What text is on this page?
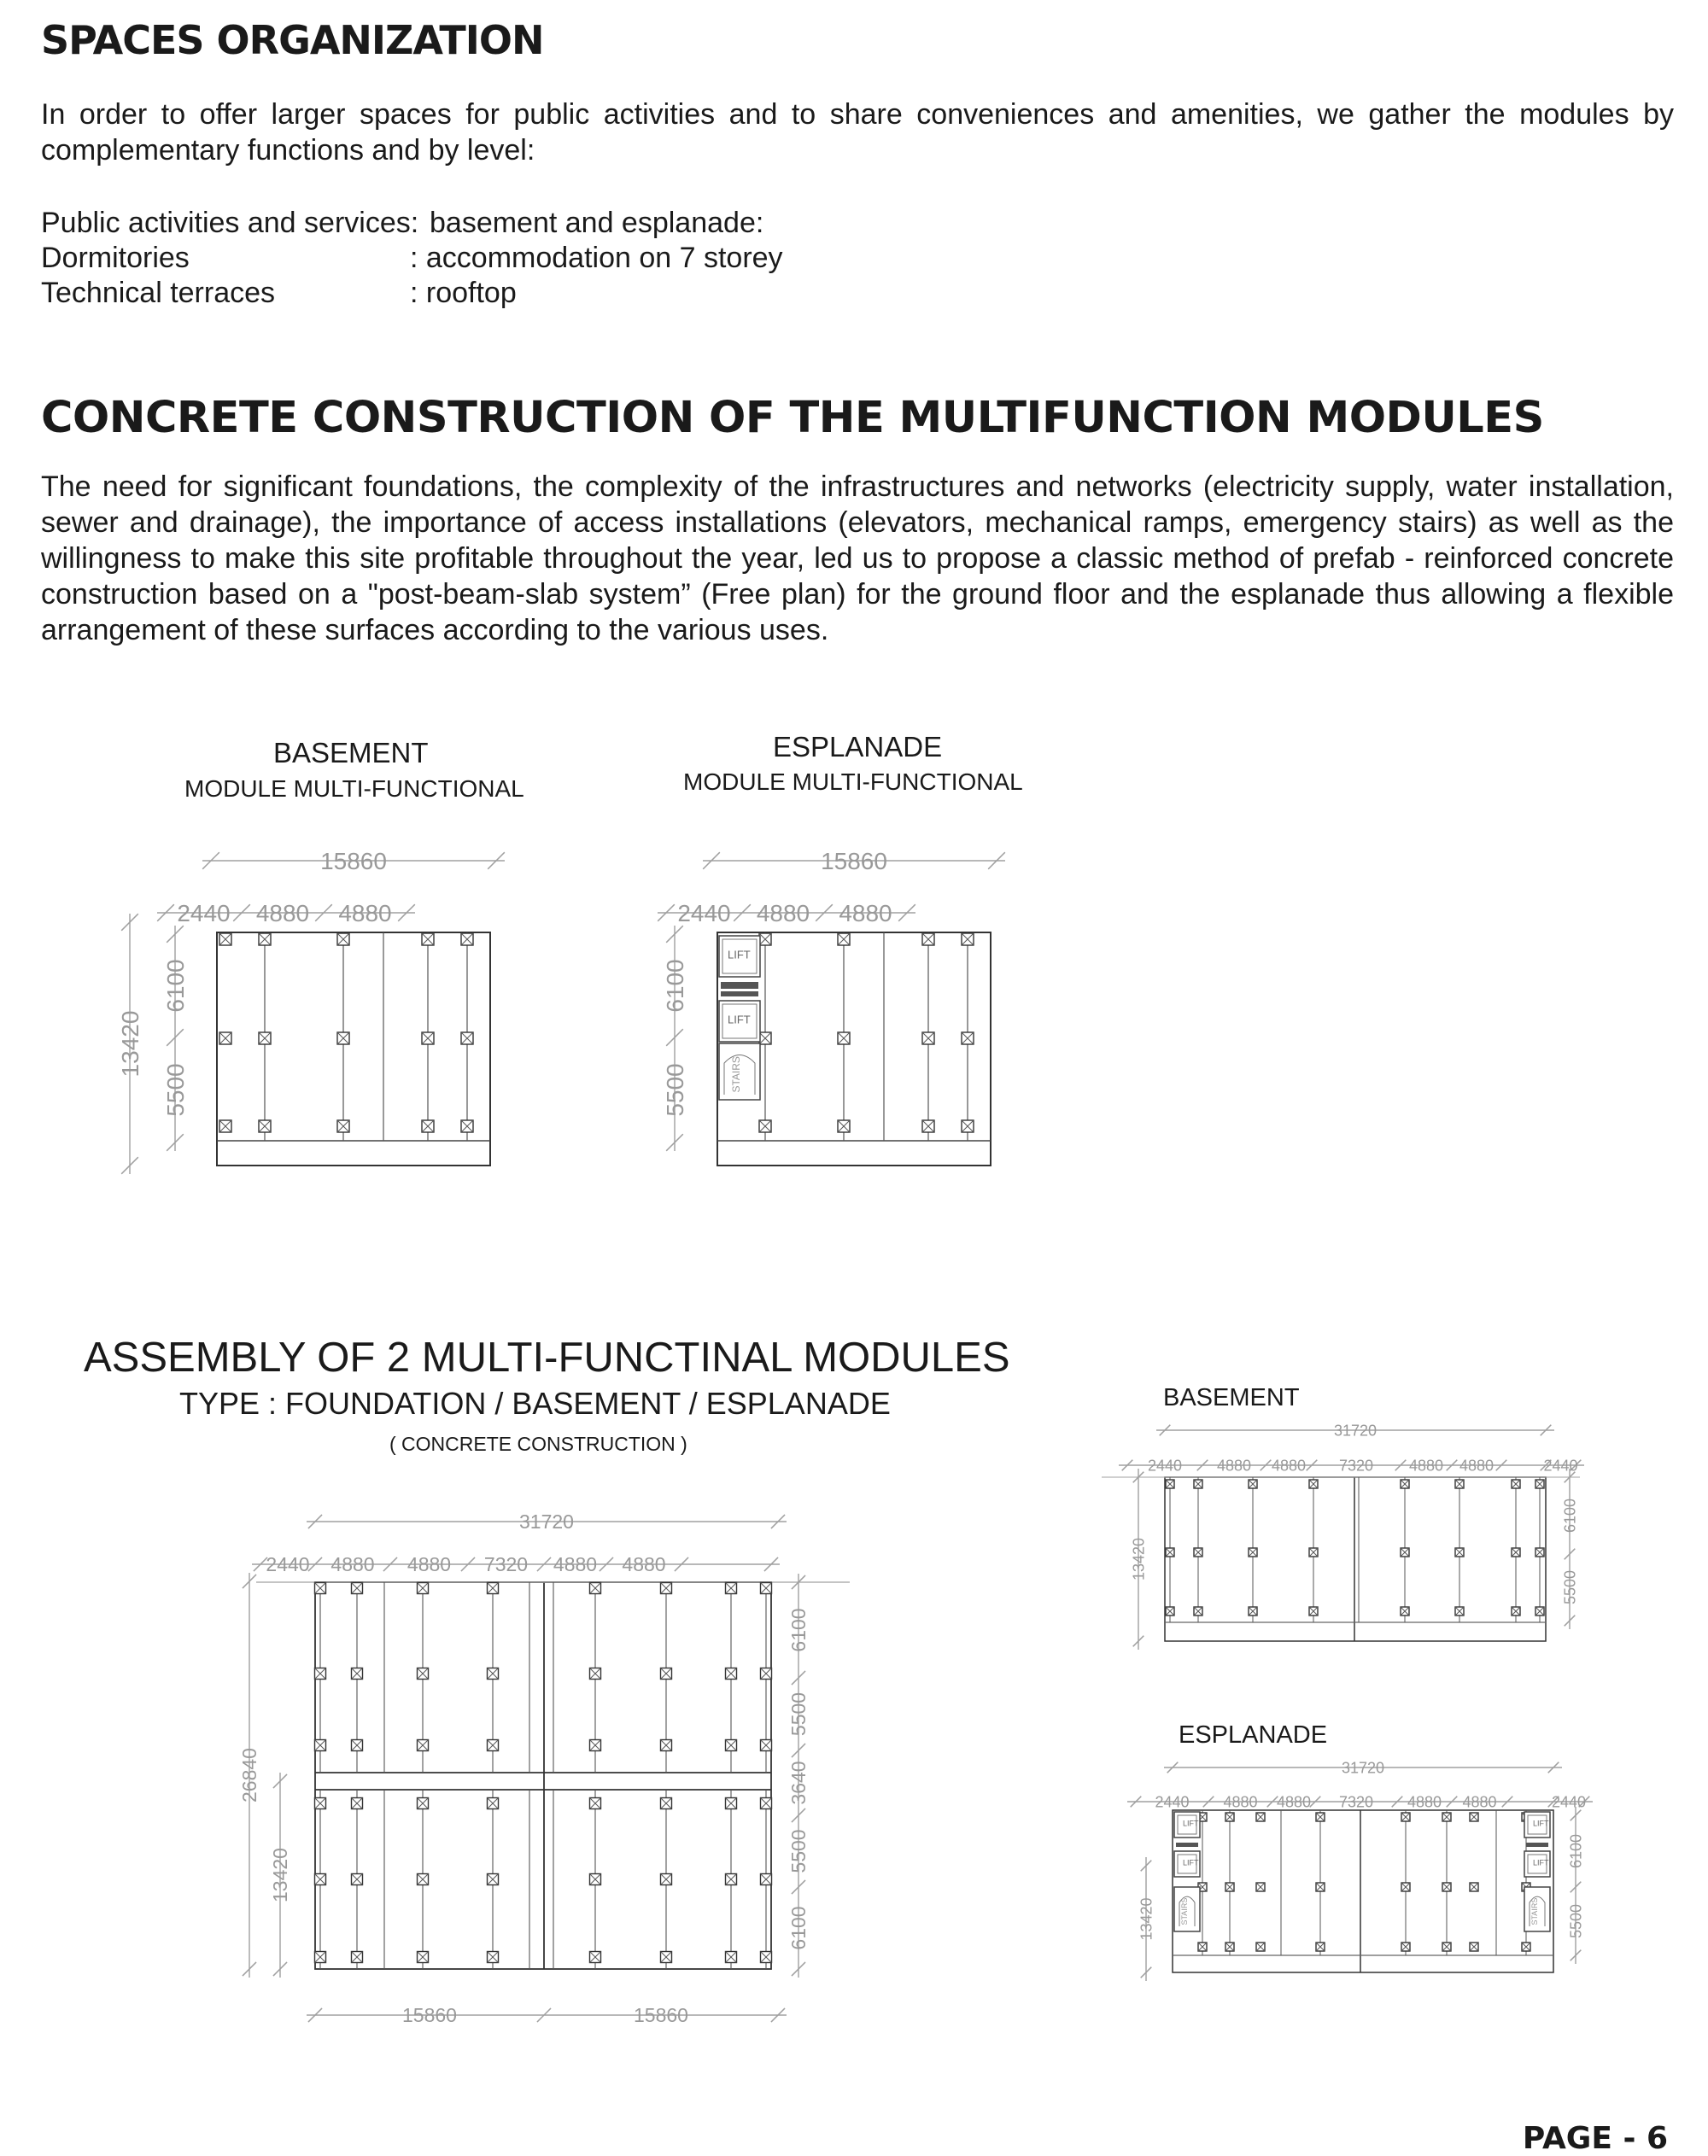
SPACES ORGANIZATION
In order to offer larger spaces for public activities and to share conveniences and amenities, we gather the modules by complementary functions and by level:
Public activities and services: basement and esplanade:
Dormitories	: accommodation on 7 storey
Technical terraces	: rooftop
CONCRETE CONSTRUCTION OF THE MULTIFUNCTION MODULES
The need for significant foundations, the complexity of the infrastructures and networks (electricity supply, water installation, sewer and drainage), the importance of access installations (elevators, mechanical ramps, emergency stairs) as well as the willingness to make this site profitable throughout the year, led us to propose a classic method of prefab - reinforced concrete construction based on a "post-beam-slab system” (Free plan) for the ground floor and the esplanade thus allowing a flexible arrangement of these surfaces according to the various uses.
BASEMENT
MODULE MULTI-FUNCTIONAL
ESPLANADE
MODULE MULTI-FUNCTIONAL
ASSEMBLY OF 2 MULTI-FUNCTINAL MODULES
TYPE : FOUNDATION / BASEMENT / ESPLANADE
( CONCRETE CONSTRUCTION )
BASEMENT
ESPLANADE
PAGE - 6
15860
2440 4880 4880
13420
6100
5500
LIFT
LIFT
STAIRS
15860
2440 4880 4880
6100
5500
31720
2440 4880 4880 7320 4880 4880
15860	15860
26840
13420
6100
5500
3640
5500
6100
31720
2440 4880 4880 7320 4880 4880	2440
13420
6100
5500
LIFT
LIFT
STAIRS
LIFT
LIFT
STAIRS
31720
2440 4880 4880 7320 4880 4880	2440
13420
6100
5500
